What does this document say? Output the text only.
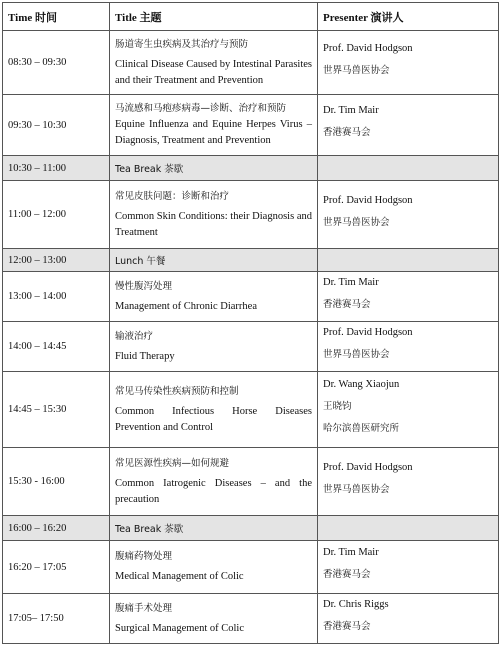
Time 时间	Title 主题	Presenter 演讲人
08:30 – 09:30	肠道寄生虫疾病及其治疗与预防
Clinical Disease Caused by Intestinal Parasites and their Treatment and Prevention	Prof. David Hodgson
世界马兽医协会

09:30 – 10:30	马流感和马疱疹病毒—诊断、治疗和预防
Equine Influenza and Equine Herpes Virus – Diagnosis, Treatment and Prevention	Dr. Tim Mair
香港赛马会

10:30 – 11:00	Tea Break 茶歇	
11:00 – 12:00	常见皮肤问题：诊断和治疗
Common Skin Conditions: their Diagnosis and Treatment	Prof. David Hodgson
世界马兽医协会

12:00 – 13:00	Lunch 午餐	
13:00 – 14:00	慢性腹泻处理
Management of Chronic Diarrhea	Dr. Tim Mair
香港赛马会

14:00 – 14:45	输液治疗
Fluid Therapy	Prof. David Hodgson
世界马兽医协会

14:45 – 15:30	常见马传染性疾病预防和控制
Common Infectious Horse Diseases Prevention and Control	Dr. Wang Xiaojun
王晓钧
哈尔滨兽医研究所

15:30 - 16:00	常见医源性疾病—如何规避
Common Iatrogenic Diseases – and the precaution	Prof. David Hodgson
世界马兽医协会

16:00 – 16:20	Tea Break 茶歇	
16:20 – 17:05	腹痛药物处理
Medical Management of Colic	Dr. Tim Mair
香港赛马会

17:05– 17:50	腹痛手术处理
Surgical Management of Colic	Dr. Chris Riggs
香港赛马会
